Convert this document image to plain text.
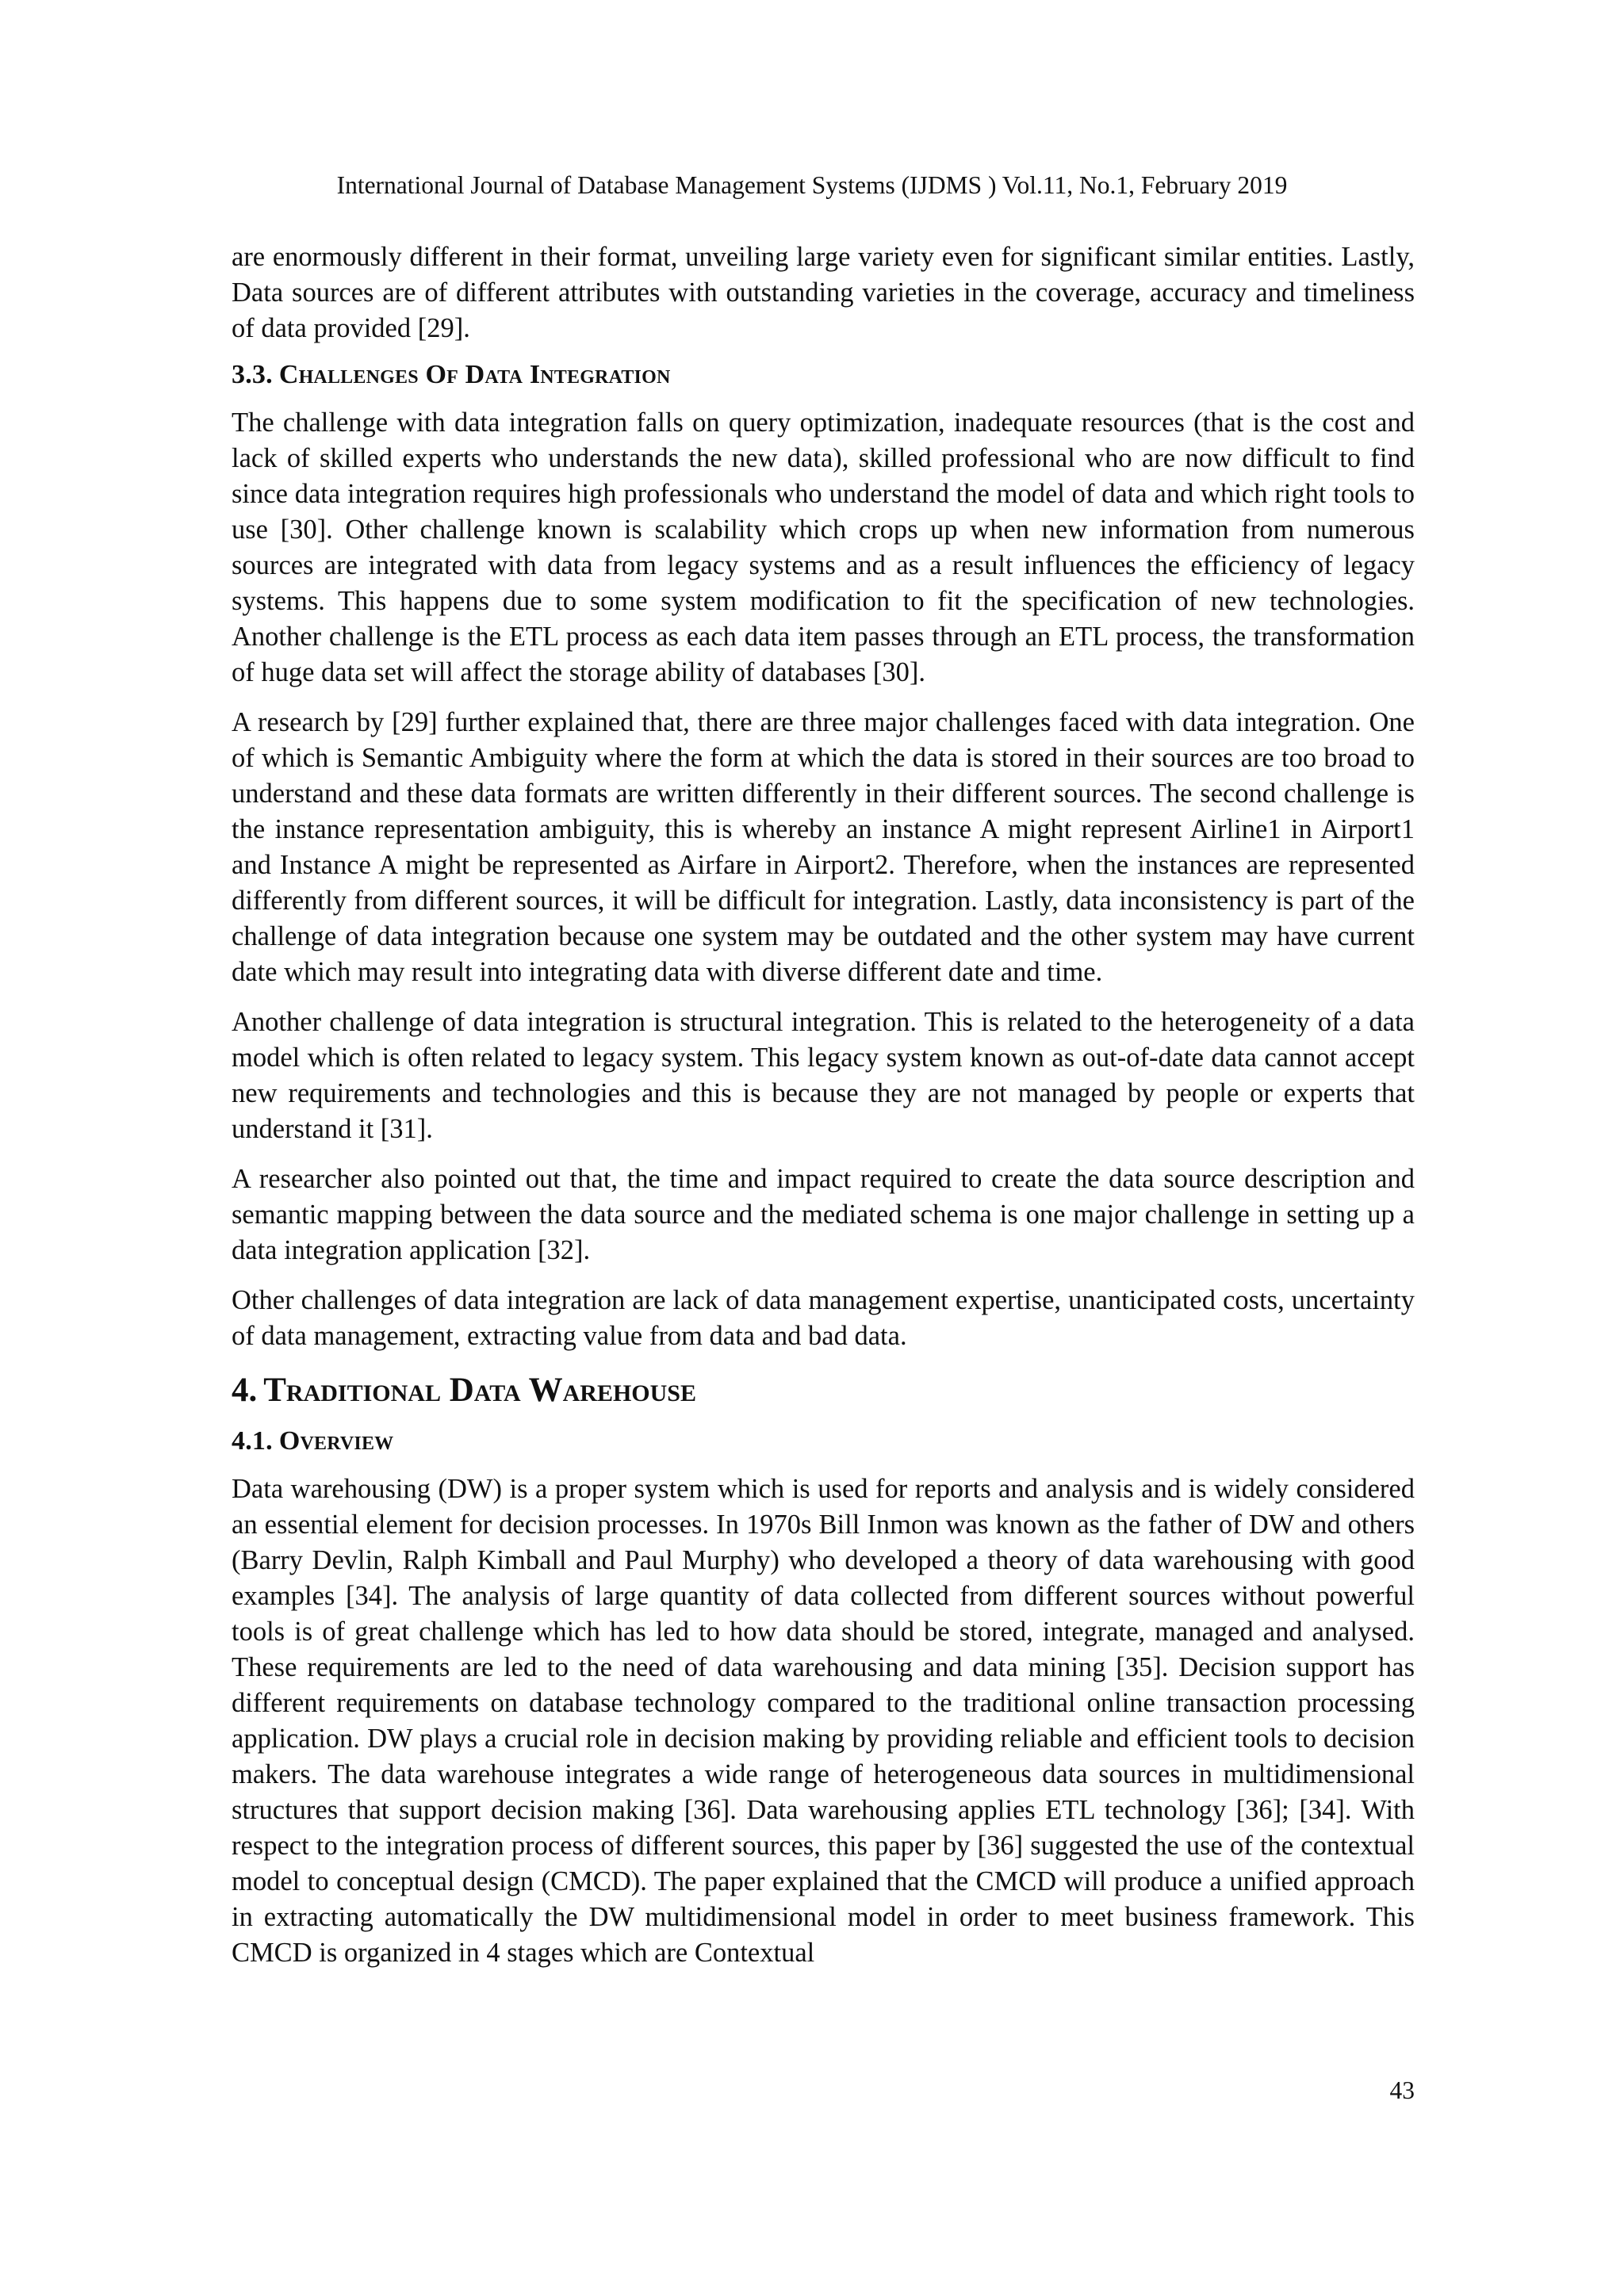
International Journal of Database Management Systems (IJDMS ) Vol.11, No.1, February 2019

are enormously different in their format, unveiling large variety even for significant similar entities. Lastly, Data sources are of different attributes with outstanding varieties in the coverage, accuracy and timeliness of data provided [29].

3.3. Challenges Of Data Integration

The challenge with data integration falls on query optimization, inadequate resources (that is the cost and lack of skilled experts who understands the new data), skilled professional who are now difficult to find since data integration requires high professionals who understand the model of data and which right tools to use [30]. Other challenge known is scalability which crops up when new information from numerous sources are integrated with data from legacy systems and as a result influences the efficiency of legacy systems. This happens due to some system modification to fit the specification of new technologies. Another challenge is the ETL process as each data item passes through an ETL process, the transformation of huge data set will affect the storage ability of databases [30].

A research by [29] further explained that, there are three major challenges faced with data integration. One of which is Semantic Ambiguity where the form at which the data is stored in their sources are too broad to understand and these data formats are written differently in their different sources. The second challenge is the instance representation ambiguity, this is whereby an instance A might represent Airline1 in Airport1 and Instance A might be represented as Airfare in Airport2. Therefore, when the instances are represented differently from different sources, it will be difficult for integration. Lastly, data inconsistency is part of the challenge of data integration because one system may be outdated and the other system may have current date which may result into integrating data with diverse different date and time.

Another challenge of data integration is structural integration. This is related to the heterogeneity of a data model which is often related to legacy system. This legacy system known as out-of-date data cannot accept new requirements and technologies and this is because they are not managed by people or experts that understand it [31].

A researcher also pointed out that, the time and impact required to create the data source description and semantic mapping between the data source and the mediated schema is one major challenge in setting up a data integration application [32].

Other challenges of data integration are lack of data management expertise, unanticipated costs, uncertainty of data management, extracting value from data and bad data.

4. Traditional Data Warehouse
4.1. Overview

Data warehousing (DW) is a proper system which is used for reports and analysis and is widely considered an essential element for decision processes. In 1970s Bill Inmon was known as the father of DW and others (Barry Devlin, Ralph Kimball and Paul Murphy) who developed a theory of data warehousing with good examples [34]. The analysis of large quantity of data collected from different sources without powerful tools is of great challenge which has led to how data should be stored, integrate, managed and analysed. These requirements are led to the need of data warehousing and data mining [35]. Decision support has different requirements on database technology compared to the traditional online transaction processing application. DW plays a crucial role in decision making by providing reliable and efficient tools to decision makers. The data warehouse integrates a wide range of heterogeneous data sources in multidimensional structures that support decision making [36]. Data warehousing applies ETL technology [36]; [34]. With respect to the integration process of different sources, this paper by [36] suggested the use of the contextual model to conceptual design (CMCD). The paper explained that the CMCD will produce a unified approach in extracting automatically the DW multidimensional model in order to meet business framework. This CMCD is organized in 4 stages which are Contextual

43
